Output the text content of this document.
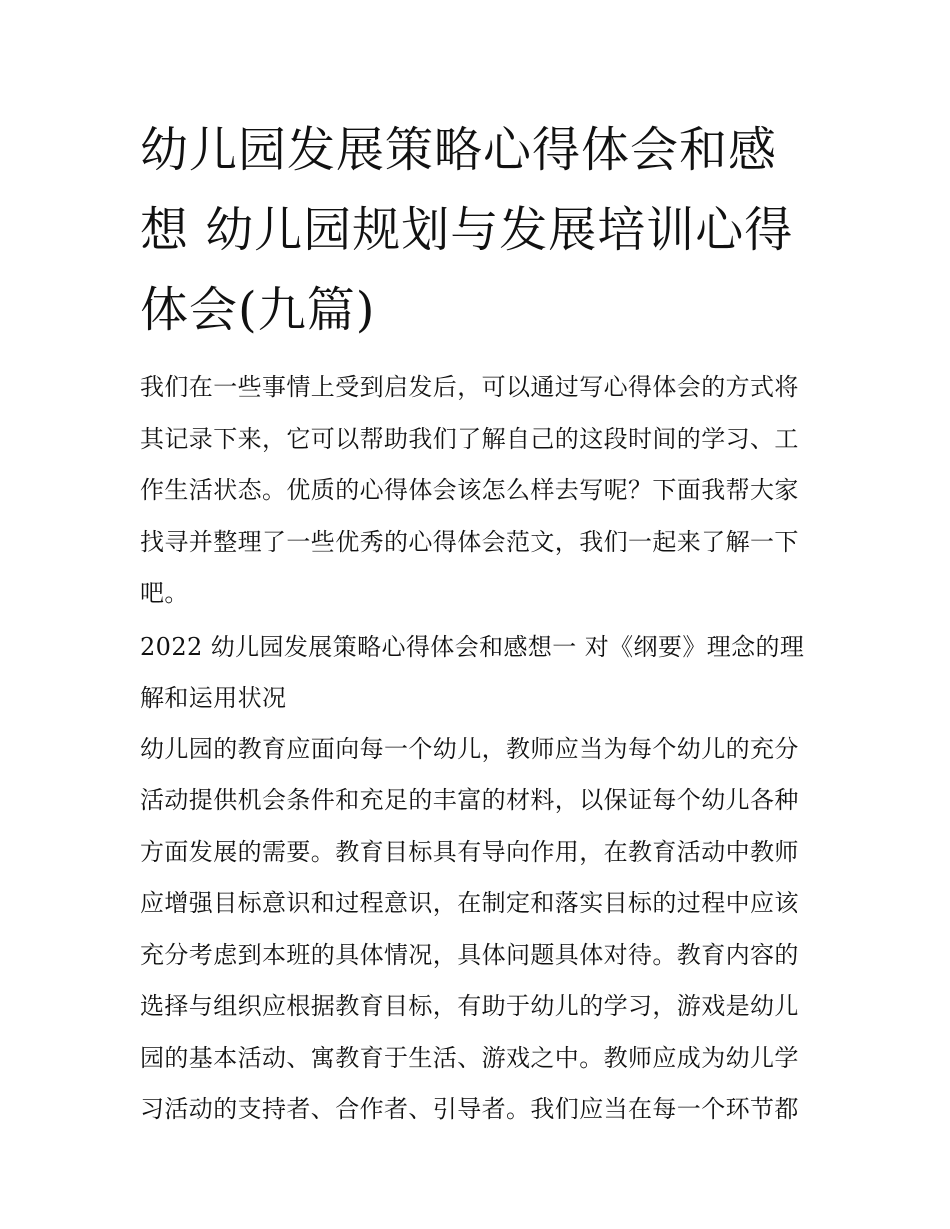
幼儿园发展策略心得体会和感想 幼儿园规划与发展培训心得体会(九篇)

我们在一些事情上受到启发后，可以通过写心得体会的方式将其记录下来，它可以帮助我们了解自己的这段时间的学习、工作生活状态。优质的心得体会该怎么样去写呢？下面我帮大家找寻并整理了一些优秀的心得体会范文，我们一起来了解一下吧。

2022 幼儿园发展策略心得体会和感想一 对《纲要》理念的理解和运用状况

幼儿园的教育应面向每一个幼儿，教师应当为每个幼儿的充分活动提供机会条件和充足的丰富的材料，以保证每个幼儿各种方面发展的需要。教育目标具有导向作用，在教育活动中教师应增强目标意识和过程意识，在制定和落实目标的过程中应该充分考虑到本班的具体情况，具体问题具体对待。教育内容的选择与组织应根据教育目标，有助于幼儿的学习，游戏是幼儿园的基本活动、寓教育于生活、游戏之中。教师应成为幼儿学习活动的支持者、合作者、引导者。我们应当在每一个环节都
